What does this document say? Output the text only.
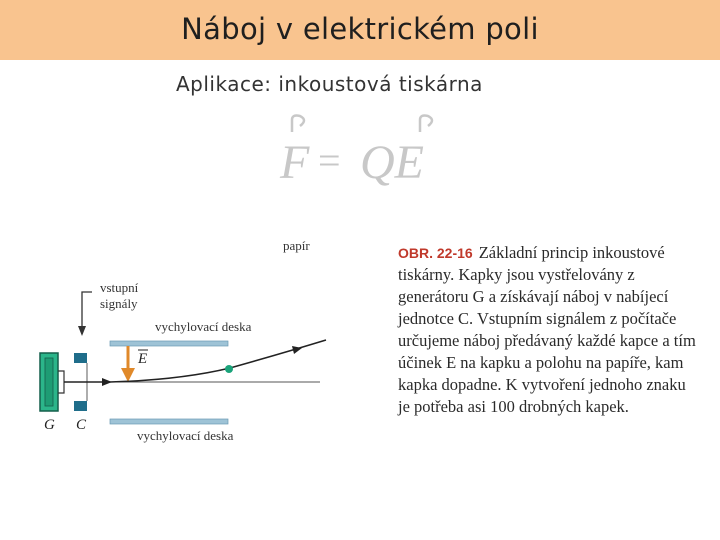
Náboj v elektrickém poli
Aplikace: inkoustová tiskárna
F = QE
papír
vstupní
signály
vychylovací deska
E
G C
vychylovací deska
OBR. 22-16 Základní princip inkoustové tiskárny. Kapky jsou vystřelovány z generátoru G a získávají náboj v nabíjecí jednotce C. Vstupním signálem z počítače určujeme náboj předávaný každé kapce a tím účinek E na kapku a polohu na papíře, kam kapka dopadne. K vytvoření jednoho znaku je potřeba asi 100 drobných kapek.
